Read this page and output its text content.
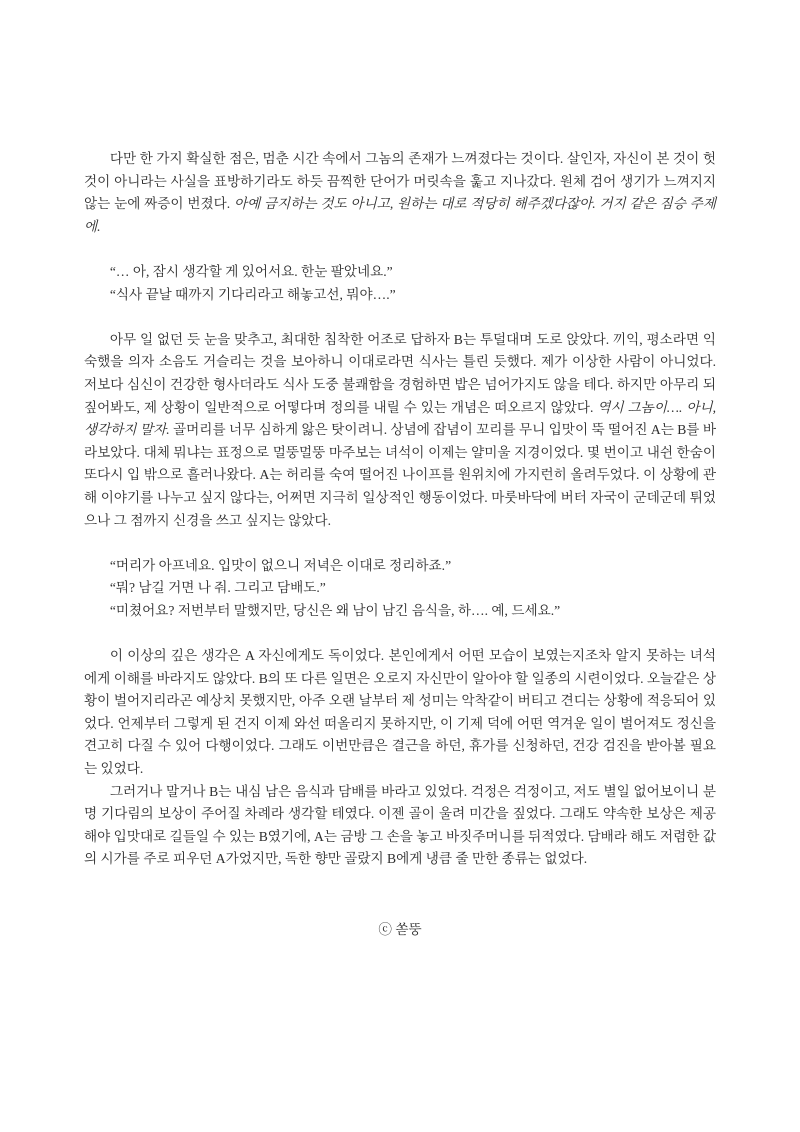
다만 한 가지 확실한 점은, 멈춘 시간 속에서 그놈의 존재가 느껴졌다는 것이다. 살인자, 자신이 본 것이 헛것이 아니라는 사실을 표방하기라도 하듯 끔찍한 단어가 머릿속을 훑고 지나갔다. 원체 검어 생기가 느껴지지 않는 눈에 짜증이 번졌다. 아예 금지하는 것도 아니고, 원하는 대로 적당히 해주겠다잖아. 거지 같은 짐승 주제에.

“… 아, 잠시 생각할 게 있어서요. 한눈 팔았네요.”

“식사 끝날 때까지 기다리라고 해놓고선, 뭐야….”

아무 일 없던 듯 눈을 맞추고, 최대한 침착한 어조로 답하자 B는 투덜대며 도로 앉았다. 끼익, 평소라면 익숙했을 의자 소음도 거슬리는 것을 보아하니 이대로라면 식사는 틀린 듯했다. 제가 이상한 사람이 아니었다. 저보다 심신이 건강한 형사더라도 식사 도중 불쾌함을 경험하면 밥은 넘어가지도 않을 테다. 하지만 아무리 되짚어봐도, 제 상황이 일반적으로 어떻다며 정의를 내릴 수 있는 개념은 떠오르지 않았다. 역시 그놈이…. 아니, 생각하지 말자. 골머리를 너무 심하게 앓은 탓이려니. 상념에 잡념이 꼬리를 무니 입맛이 뚝 떨어진 A는 B를 바라보았다. 대체 뭐냐는 표정으로 멀뚱멀뚱 마주보는 녀석이 이제는 얄미울 지경이었다. 몇 번이고 내쉰 한숨이 또다시 입 밖으로 흘러나왔다. A는 허리를 숙여 떨어진 나이프를 원위치에 가지런히 올려두었다. 이 상황에 관해 이야기를 나누고 싶지 않다는, 어쩌면 지극히 일상적인 행동이었다. 마룻바닥에 버터 자국이 군데군데 튀었으나 그 점까지 신경을 쓰고 싶지는 않았다.

“머리가 아프네요. 입맛이 없으니 저녁은 이대로 정리하죠.”

“뭐? 남길 거면 나 줘. 그리고 담배도.”

“미쳤어요? 저번부터 말했지만, 당신은 왜 남이 남긴 음식을, 하…. 예, 드세요.”

이 이상의 깊은 생각은 A 자신에게도 독이었다. 본인에게서 어떤 모습이 보였는지조차 알지 못하는 녀석에게 이해를 바라지도 않았다. B의 또 다른 일면은 오로지 자신만이 알아야 할 일종의 시련이었다. 오늘같은 상황이 벌어지리라곤 예상치 못했지만, 아주 오랜 날부터 제 성미는 악착같이 버티고 견디는 상황에 적응되어 있었다. 언제부터 그렇게 된 건지 이제 와선 떠올리지 못하지만, 이 기제 덕에 어떤 역겨운 일이 벌어져도 정신을 견고히 다질 수 있어 다행이었다. 그래도 이번만큼은 결근을 하던, 휴가를 신청하던, 건강 검진을 받아볼 필요는 있었다.

그러거나 말거나 B는 내심 남은 음식과 담배를 바라고 있었다. 걱정은 걱정이고, 저도 별일 없어보이니 분명 기다림의 보상이 주어질 차례라 생각할 테였다. 이젠 골이 울려 미간을 짚었다. 그래도 약속한 보상은 제공해야 입맛대로 길들일 수 있는 B였기에, A는 금방 그 손을 놓고 바짓주머니를 뒤적였다. 담배라 해도 저렴한 값의 시가를 주로 피우던 A가었지만, 독한 향만 골랐지 B에게 냉큼 줄 만한 종류는 없었다.

ⓒ 쏟뚱
